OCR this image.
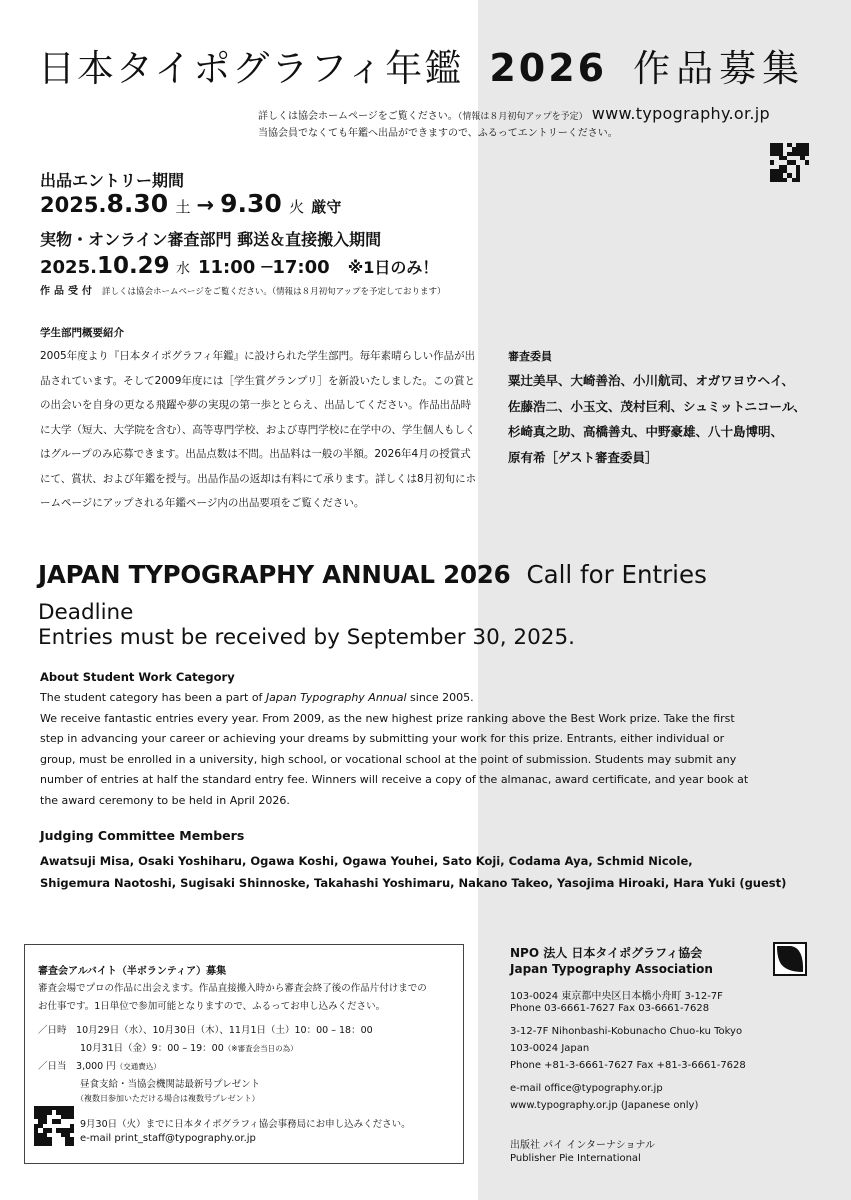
日本タイポグラフィ年鑑 2026 作品募集
詳しくは協会ホームページをご覧ください。（情報は８月初旬アップを予定） www.typography.or.jp
当協会員でなくても年鑑へ出品ができますので、ふるってエントリーください。
出品エントリー期間
2025.8.30 土 → 9.30 火 厳守
実物・オンライン審査部門 郵送＆直接搬入期間
2025.10.29 水 11:00 ─17:00 ※1日のみ！
作品受付 詳しくは協会ホームページをご覧ください。（情報は８月初旬アップを予定しております）
学生部門概要紹介
2005年度より『日本タイポグラフィ年鑑』に設けられた学生部門。毎年素晴らしい作品が出品されています。そして2009年度には［学生賞グランプリ］を新設いたしました。この賞との出会いを自身の更なる飛躍や夢の実現の第一歩ととらえ、出品してください。作品出品時に大学（短大、大学院を含む）、高等専門学校、および専門学校に在学中の、学生個人もしくはグループのみ応募できます。出品点数は不問。出品料は一般の半額。2026年4月の授賞式にて、賞状、および年鑑を授与。出品作品の返却は有料にて承ります。詳しくは8月初旬にホームページにアップされる年鑑ページ内の出品要項をご覧ください。
審査委員
粟辻美早、大崎善治、小川航司、オガワヨウヘイ、
佐藤浩二、小玉文、茂村巨利、シュミットニコール、
杉崎真之助、高橋善丸、中野豪雄、八十島博明、
原有希［ゲスト審査委員］
JAPAN TYPOGRAPHY ANNUAL 2026 Call for Entries
Deadline
Entries must be received by September 30, 2025.
About Student Work Category
The student category has been a part of Japan Typography Annual since 2005.
We receive fantastic entries every year. From 2009, as the new highest prize ranking above the Best Work prize. Take the first step in advancing your career or achieving your dreams by submitting your work for this prize. Entrants, either individual or group, must be enrolled in a university, high school, or vocational school at the point of submission. Students may submit any number of entries at half the standard entry fee. Winners will receive a copy of the almanac, award certificate, and year book at the award ceremony to be held in April 2026.
Judging Committee Members
Awatsuji Misa, Osaki Yoshiharu, Ogawa Koshi, Ogawa Youhei, Sato Koji, Codama Aya, Schmid Nicole,
Shigemura Naotoshi, Sugisaki Shinnoske, Takahashi Yoshimaru, Nakano Takeo, Yasojima Hiroaki, Hara Yuki (guest)
審査会アルバイト（半ボランティア）募集
審査会場でプロの作品に出会えます。作品直接搬入時から審査会終了後の作品片付けまでの
お仕事です。1日単位で参加可能となりますので、ふるってお申し込みください。
／日時　 10月29日（水）、10月30日（木）、11月1日（土）10：00 – 18：00
10月31日（金）9：00 – 19：00（※審査会当日の為）
／日当　 3,000 円（交通費込）
昼食支給・当協会機関誌最新号プレゼント
（複数日参加いただける場合は複数号プレゼント）
9月30日（火）までに日本タイポグラフィ協会事務局にお申し込みください。
e-mail print_staff@typography.or.jp
NPO 法人 日本タイポグラフィ協会
Japan Typography Association
103-0024 東京都中央区日本橋小舟町 3-12-7F
Phone 03-6661-7627 Fax 03-6661-7628
3-12-7F Nihonbashi-Kobunacho Chuo-ku Tokyo
103-0024 Japan
Phone +81-3-6661-7627 Fax +81-3-6661-7628
e-mail office@typography.or.jp
www.typography.or.jp (Japanese only)
出版社 パイ インターナショナル
Publisher Pie International
